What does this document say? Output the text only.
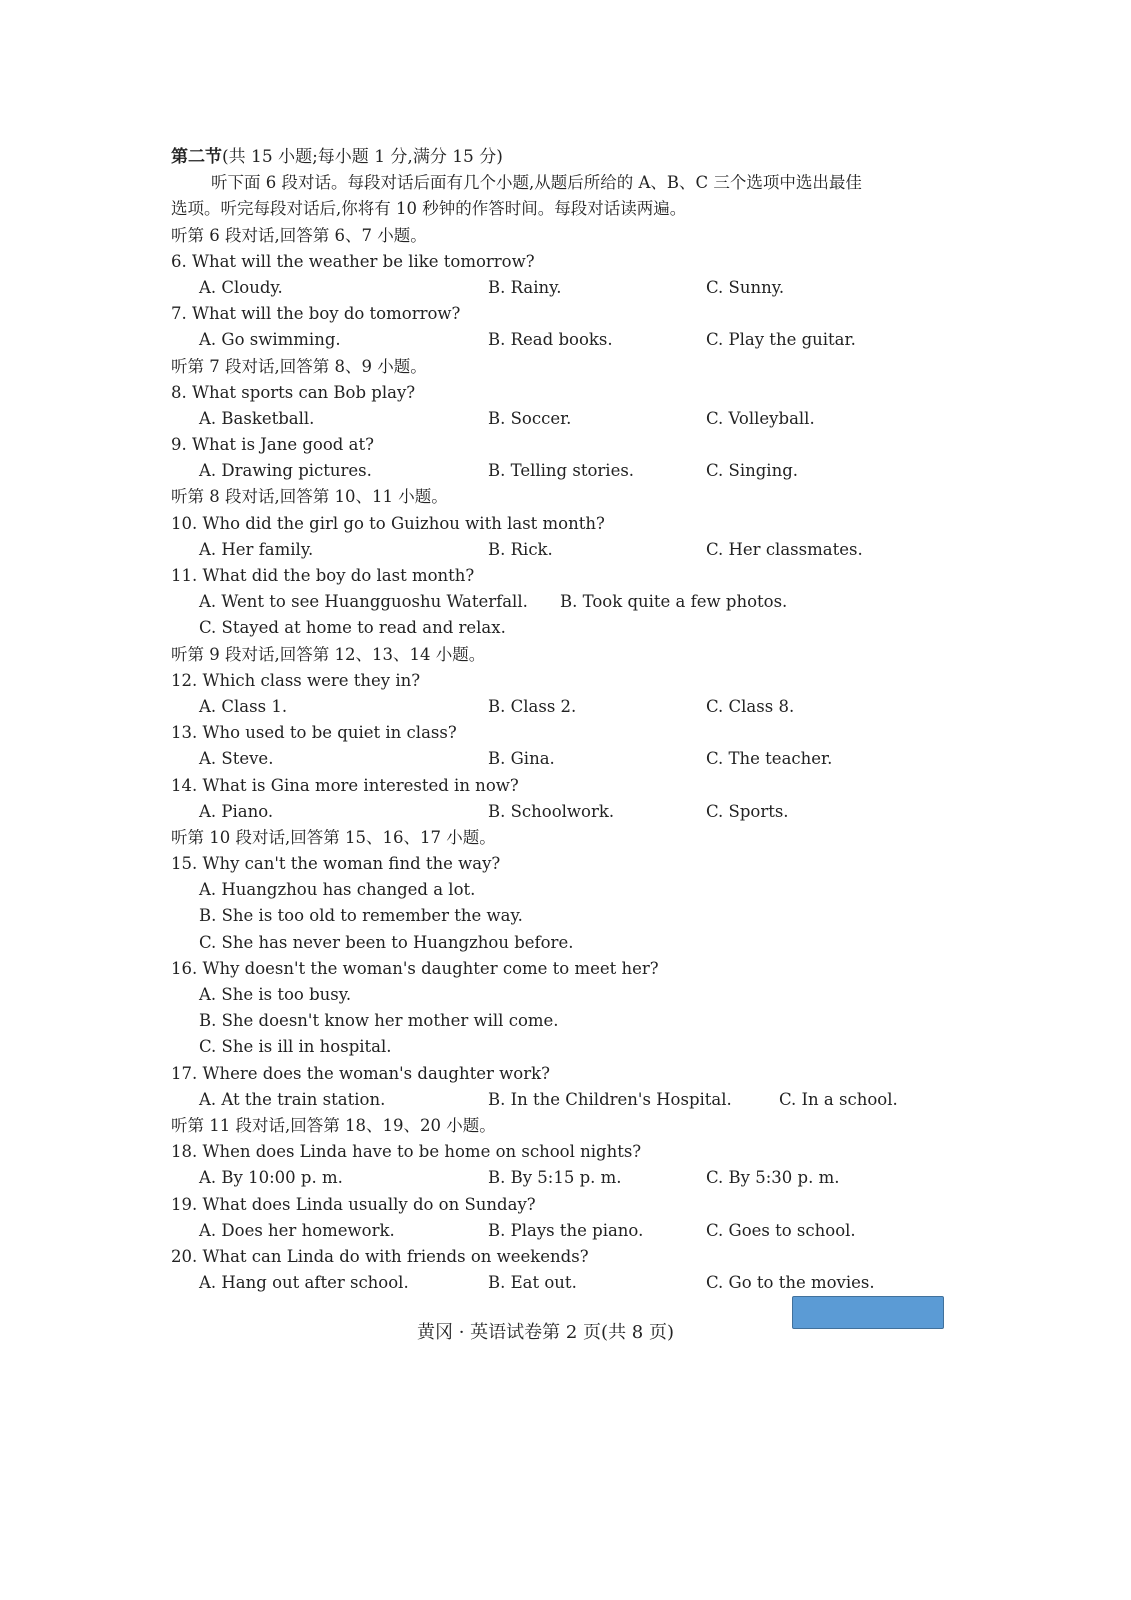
第二节(共 15 小题;每小题 1 分,满分 15 分)
听下面 6 段对话。每段对话后面有几个小题,从题后所给的 A、B、C 三个选项中选出最佳
选项。听完每段对话后,你将有 10 秒钟的作答时间。每段对话读两遍。
听第 6 段对话,回答第 6、7 小题。
6. What will the weather be like tomorrow?
A. Cloudy.	B. Rainy.	C. Sunny.
7. What will the boy do tomorrow?
A. Go swimming.	B. Read books.	C. Play the guitar.
听第 7 段对话,回答第 8、9 小题。
8. What sports can Bob play?
A. Basketball.	B. Soccer.	C. Volleyball.
9. What is Jane good at?
A. Drawing pictures.	B. Telling stories.	C. Singing.
听第 8 段对话,回答第 10、11 小题。
10. Who did the girl go to Guizhou with last month?
A. Her family.	B. Rick.	C. Her classmates.
11. What did the boy do last month?
A. Went to see Huangguoshu Waterfall. B. Took quite a few photos.
C. Stayed at home to read and relax.
听第 9 段对话,回答第 12、13、14 小题。
12. Which class were they in?
A. Class 1.	B. Class 2.	C. Class 8.
13. Who used to be quiet in class?
A. Steve.	B. Gina.	C. The teacher.
14. What is Gina more interested in now?
A. Piano.	B. Schoolwork.	C. Sports.
听第 10 段对话,回答第 15、16、17 小题。
15. Why can't the woman find the way?
A. Huangzhou has changed a lot.
B. She is too old to remember the way.
C. She has never been to Huangzhou before.
16. Why doesn't the woman's daughter come to meet her?
A. She is too busy.
B. She doesn't know her mother will come.
C. She is ill in hospital.
17. Where does the woman's daughter work?
A. At the train station.	B. In the Children's Hospital.	C. In a school.
听第 11 段对话,回答第 18、19、20 小题。
18. When does Linda have to be home on school nights?
A. By 10:00 p. m.	B. By 5:15 p. m.	C. By 5:30 p. m.
19. What does Linda usually do on Sunday?
A. Does her homework.	B. Plays the piano.	C. Goes to school.
20. What can Linda do with friends on weekends?
A. Hang out after school.	B. Eat out.	C. Go to the movies.
黄冈 · 英语试卷第 2 页(共 8 页)
